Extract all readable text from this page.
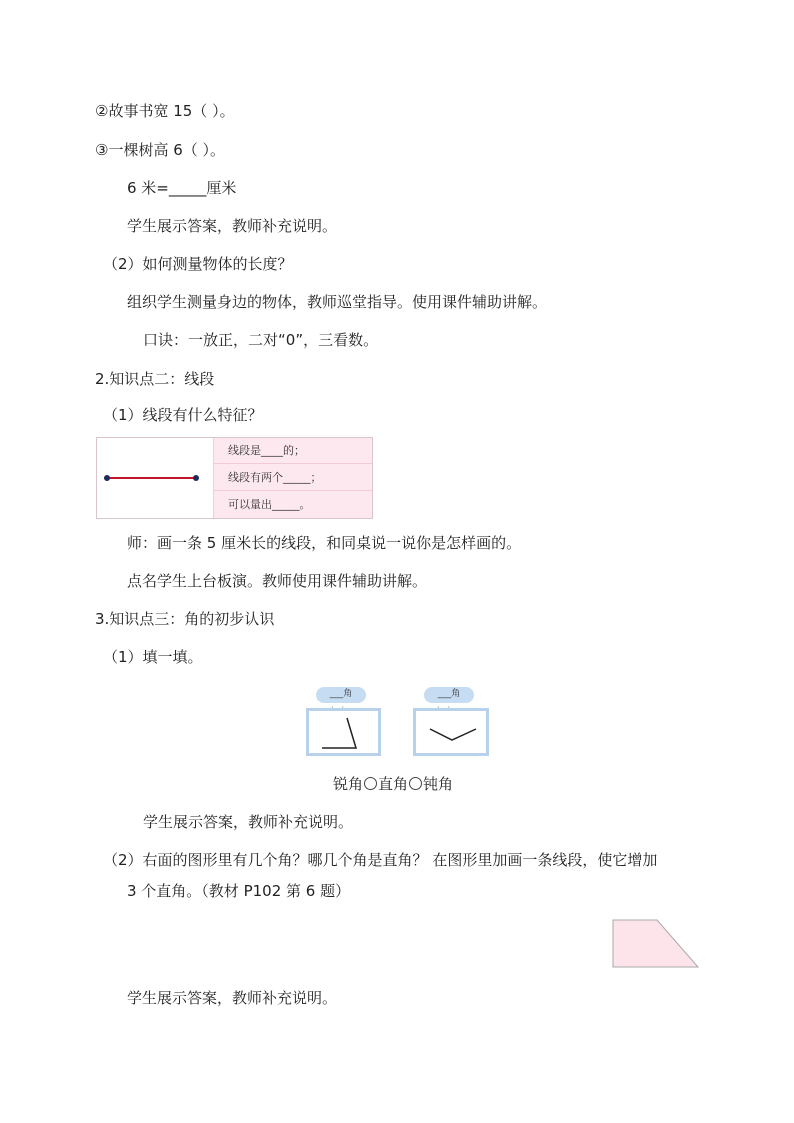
②故事书宽 15（ ）。
③一棵树高 6（ ）。
6 米=_____厘米
学生展示答案，教师补充说明。
（2）如何测量物体的长度？
组织学生测量身边的物体，教师巡堂指导。使用课件辅助讲解。
口诀：一放正，二对“0”，三看数。
2.知识点二：线段
（1）线段有什么特征？
线段是____的；
线段有两个_____；
可以量出_____。
师：画一条 5 厘米长的线段，和同桌说一说你是怎样画的。
点名学生上台板演。教师使用课件辅助讲解。
3.知识点三：角的初步认识
（1）填一填。
___角	___角
锐角 直角 钝角
学生展示答案，教师补充说明。
（2）右面的图形里有几个角？哪几个角是直角？ 在图形里加画一条线段，使它增加
3 个直角。（教材 P102 第 6 题）
学生展示答案，教师补充说明。
